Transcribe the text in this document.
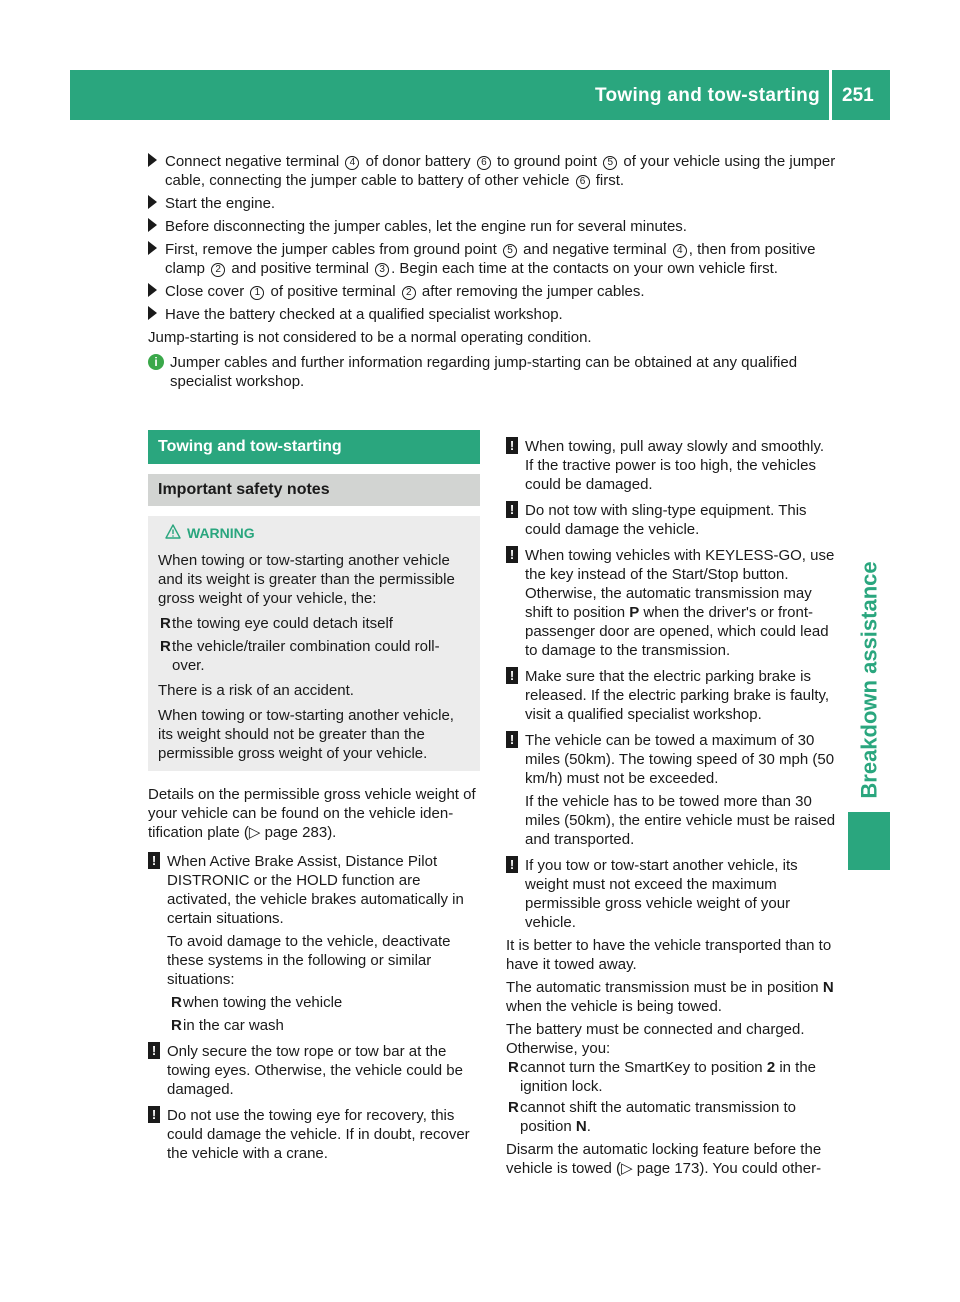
Towing and tow-starting 251
Breakdown assistance
Connect negative terminal 4 of donor battery 6 to ground point 5 of your vehicle using the jumper cable, connecting the jumper cable to battery of other vehicle 6 first.
Start the engine.
Before disconnecting the jumper cables, let the engine run for several minutes.
First, remove the jumper cables from ground point 5 and negative terminal 4 , then from positive clamp 2 and positive terminal 3 . Begin each time at the contacts on your own vehicle first.
Close cover 1 of positive terminal 2 after removing the jumper cables.
Have the battery checked at a qualified specialist workshop.

Jump-starting is not considered to be a normal operating condition.

i Jumper cables and further information regarding jump-starting can be obtained at any qualified specialist workshop.
Towing and tow-starting
Important safety notes
WARNING

When towing or tow-starting another vehicle and its weight is greater than the permissible gross weight of your vehicle, the:

R the towing eye could detach itself
R the vehicle/trailer combination could roll-over.

There is a risk of an accident.

When towing or tow-starting another vehicle, its weight should not be greater than the permissible gross weight of your vehicle.

Details on the permissible gross vehicle weight of your vehicle can be found on the vehicle identification plate (▷ page 283).

! When Active Brake Assist, Distance Pilot DISTRONIC or the HOLD function are activated, the vehicle brakes automatically in certain situations.

To avoid damage to the vehicle, deactivate these systems in the following or similar situations:

R when towing the vehicle
R in the car wash
! Only secure the tow rope or tow bar at the towing eyes. Otherwise, the vehicle could be damaged.

! Do not use the towing eye for recovery, this could damage the vehicle. If in doubt, recover the vehicle with a crane.

! When towing, pull away slowly and smoothly. If the tractive power is too high, the vehicles could be damaged.

! Do not tow with sling-type equipment. This could damage the vehicle.

! When towing vehicles with KEYLESS-GO, use the key instead of the Start/Stop button. Otherwise, the automatic transmission may shift to position P when the driver's or front-passenger door are opened, which could lead to damage to the transmission.

! Make sure that the electric parking brake is released. If the electric parking brake is faulty, visit a qualified specialist workshop.

! The vehicle can be towed a maximum of 30 miles (50km). The towing speed of 30 mph (50 km/h) must not be exceeded.

If the vehicle has to be towed more than 30 miles (50km), the entire vehicle must be raised and transported.

! If you tow or tow-start another vehicle, its weight must not exceed the maximum permissible gross vehicle weight of your vehicle.

It is better to have the vehicle transported than to have it towed away.

The automatic transmission must be in position N when the vehicle is being towed.

The battery must be connected and charged. Otherwise, you:

R cannot turn the SmartKey to position 2 in the ignition lock.
R cannot shift the automatic transmission to position N.

Disarm the automatic locking feature before the vehicle is towed (▷ page 173). You could other-
